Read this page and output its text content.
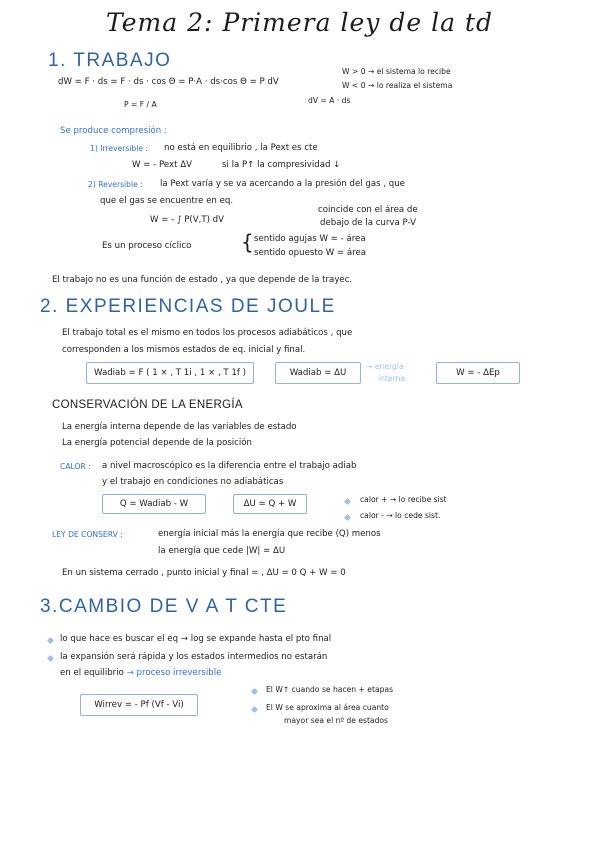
Tema 2: Primera ley de la td
1. TRABAJO
dW = F · ds = F · ds · cos Θ = P·A · ds·cos Θ = P dV
P = F / A	dV = A · ds
W > 0 → el sistema lo recibe
W < 0 → lo realiza el sistema
Se produce compresión :
1) Irreversible : no está en equilibrio , la Pext es cte
W = - Pext ΔV	si la P↑ la compresividad ↓
2) Reversible : la Pext varía y se va acercando a la presión del gas , que
que el gas se encuentre en eq.
W = - ∫ P(V,T) dV
coincide con el área de
debajo de la curva P-V
Es un proceso cíclico { sentido agujas W = - área
sentido opuesto W = área
El trabajo no es una función de estado , ya que depende de la trayec.
2. EXPERIENCIAS DE JOULE
El trabajo total es el mismo en todos los procesos adiabáticos , que
corresponden a los mismos estados de eq. inicial y final.
Wadiab = F ( 1 × , T 1i , 1 × , T 1f )	Wadiab = ΔU
→ energía
interna
W = - ΔEp
CONSERVACIÓN DE LA ENERGÍA
La energía interna depende de las variables de estado
La energía potencial depende de la posición
CALOR : a nivel macroscópico es la diferencia entre el trabajo adiab
y el trabajo en condiciones no adiabáticas
Q = Wadiab - W	ΔU = Q + W	calor + → lo recibe sist
calor - → lo cede sist.
LEY DE CONSERV :	energía inicial más la energía que recibe (Q) menos
la energía que cede |W| = ΔU
En un sistema cerrado , punto inicial y final = , ΔU = 0 Q + W = 0
3.CAMBIO DE V A T CTE
lo que hace es buscar el eq → log se expande hasta el pto final
la expansión será rápida y los estados intermedios no estarán
en el equilibrio → proceso irreversible
Wirrev = - Pf (Vf - Vi)
El W↑ cuando se hacen + etapas
El W se aproxima al área cuanto
mayor sea el nº de estados
